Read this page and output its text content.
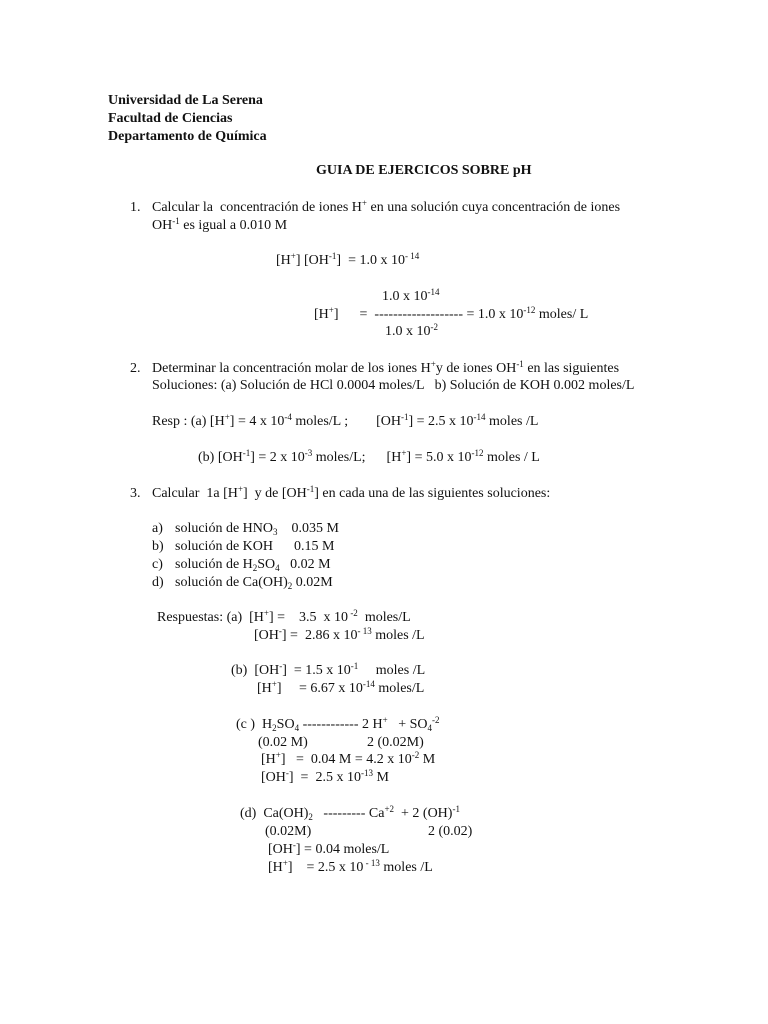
Universidad de La Serena
Facultad de Ciencias
Departamento de Química
GUIA DE EJERCICOS SOBRE pH
1. Calcular la  concentración de iones H+ en una solución cuya concentración de iones
$OH^{-1}$ es igual a 0.010 M
[H+] $[OH^{-1}] = 1.0$ x $10^{- 14}$
1.0 x $10^{-14}$
[H+]      =  ------------------- = 1.0 x $10^{-12}$ moles/ L
1.0 x $10^{-2}$
2. Determinar la concentración molar de los iones H+y de iones $OH^{-1}$ en las siguientes
Soluciones: (a) Solución de HCl 0.0004 moles/L   b) Solución de KOH 0.002 moles/L
Resp : (a) [H+] = 4 x $10^{-4}$ moles/L ;        $[OH^{-1}] = 2.5$ x $10^{-14}$ moles /L
(b) $[OH^{-1}] = 2$ x $10^{-3}$ moles/L;      [H+] = 5.0 x $10^{-12}$ moles / L
3. Calcular  1a [H+]  y de $[OH^{-1}]$ en cada una de las siguientes soluciones:
a) solución de $HNO_3$    0.035 M
b) solución de KOH      0.15 M
c) solución de $H_2SO_4$   0.02 M
d) solución de $Ca(OH)_2$ 0.02M
Respuestas: (a)  [H+] =    3.5  x 10 $^{-2}$  moles/L
[OH-] =  2.86 x $10^{- 13}$ moles /L
(b)  [OH-]  = 1.5 x $10^{-1}$     moles /L
[H+]     = 6.67 x $10^{-14}$ moles/L
(c )  $H_2SO_4$ ------------ 2 $H^+ + SO_4^{-2}$
(0.02 M)	2 (0.02M)
[H+]   =  0.04 M = 4.2 x $10^{-2}$ M
[OH-]  =  2.5 x $10^{-13}$ M
(d)  $Ca(OH)_2$   --------- $Ca^{+2} + 2$ (OH)$^{-1}$
(0.02M)	2 (0.02)
[OH-] = 0.04 moles/L
[H+]    = 2.5 x 10 $^{- 13}$ moles /L
